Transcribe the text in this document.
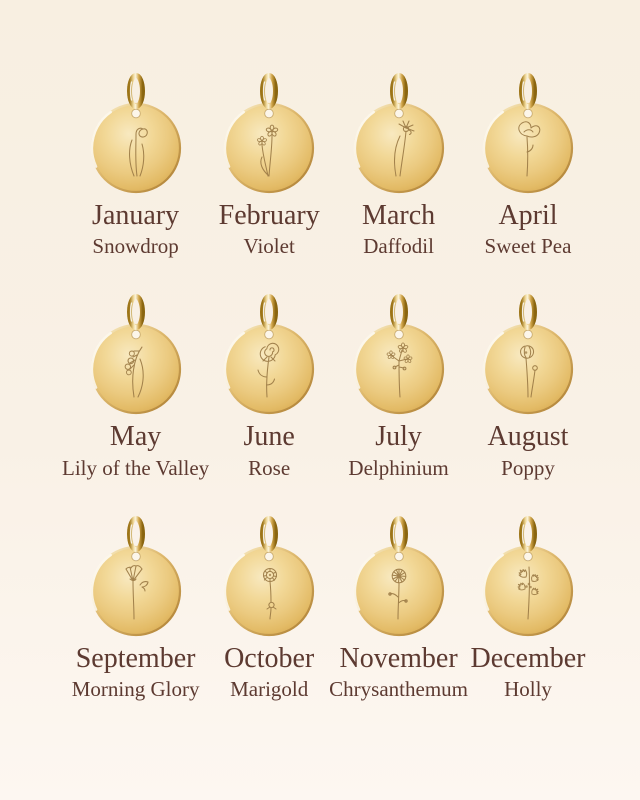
January
Snowdrop
February
Violet
March
Daffodil
April
Sweet Pea
May
Lily of the Valley
June
Rose
July
Delphinium
August
Poppy
September
Morning Glory
October
Marigold
November
Chrysanthemum
December
Holly
